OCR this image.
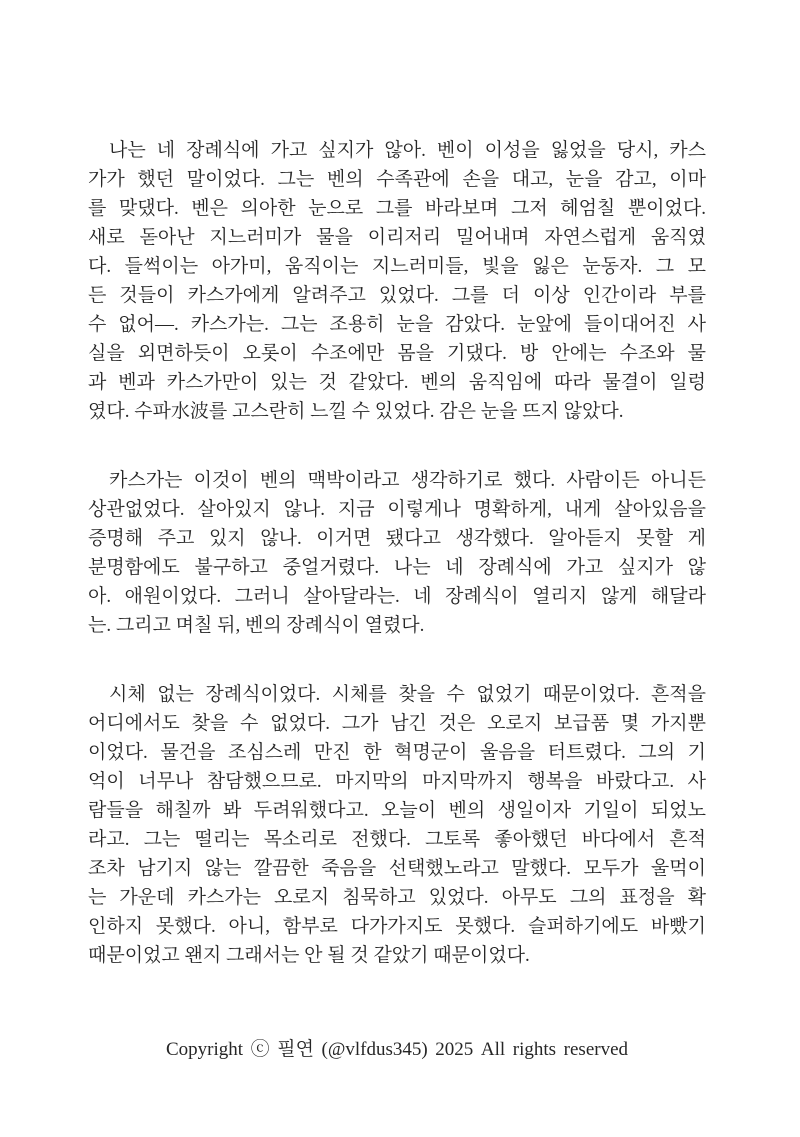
나는 네 장례식에 가고 싶지가 않아. 벤이 이성을 잃었을 당시, 카스
가가 했던 말이었다. 그는 벤의 수족관에 손을 대고, 눈을 감고, 이마
를 맞댔다. 벤은 의아한 눈으로 그를 바라보며 그저 헤엄칠 뿐이었다.
새로 돋아난 지느러미가 물을 이리저리 밀어내며 자연스럽게 움직였
다. 들썩이는 아가미, 움직이는 지느러미들, 빛을 잃은 눈동자. 그 모
든 것들이 카스가에게 알려주고 있었다. 그를 더 이상 인간이라 부를
수 없어—. 카스가는. 그는 조용히 눈을 감았다. 눈앞에 들이대어진 사
실을 외면하듯이 오롯이 수조에만 몸을 기댔다. 방 안에는 수조와 물
과 벤과 카스가만이 있는 것 같았다. 벤의 움직임에 따라 물결이 일렁
였다. 수파水波를 고스란히 느낄 수 있었다. 감은 눈을 뜨지 않았다.
카스가는 이것이 벤의 맥박이라고 생각하기로 했다. 사람이든 아니든
상관없었다. 살아있지 않나. 지금 이렇게나 명확하게, 내게 살아있음을
증명해 주고 있지 않나. 이거면 됐다고 생각했다. 알아듣지 못할 게
분명함에도 불구하고 중얼거렸다. 나는 네 장례식에 가고 싶지가 않
아. 애원이었다. 그러니 살아달라는. 네 장례식이 열리지 않게 해달라
는. 그리고 며칠 뒤, 벤의 장례식이 열렸다.
시체 없는 장례식이었다. 시체를 찾을 수 없었기 때문이었다. 흔적을
어디에서도 찾을 수 없었다. 그가 남긴 것은 오로지 보급품 몇 가지뿐
이었다. 물건을 조심스레 만진 한 혁명군이 울음을 터트렸다. 그의 기
억이 너무나 참담했으므로. 마지막의 마지막까지 행복을 바랐다고. 사
람들을 해칠까 봐 두려워했다고. 오늘이 벤의 생일이자 기일이 되었노
라고. 그는 떨리는 목소리로 전했다. 그토록 좋아했던 바다에서 흔적
조차 남기지 않는 깔끔한 죽음을 선택했노라고 말했다. 모두가 울먹이
는 가운데 카스가는 오로지 침묵하고 있었다. 아무도 그의 표정을 확
인하지 못했다. 아니, 함부로 다가가지도 못했다. 슬퍼하기에도 바빴기
때문이었고 왠지 그래서는 안 될 것 같았기 때문이었다.
Copyright ⓒ 필연 (@vlfdus345) 2025 All rights reserved
